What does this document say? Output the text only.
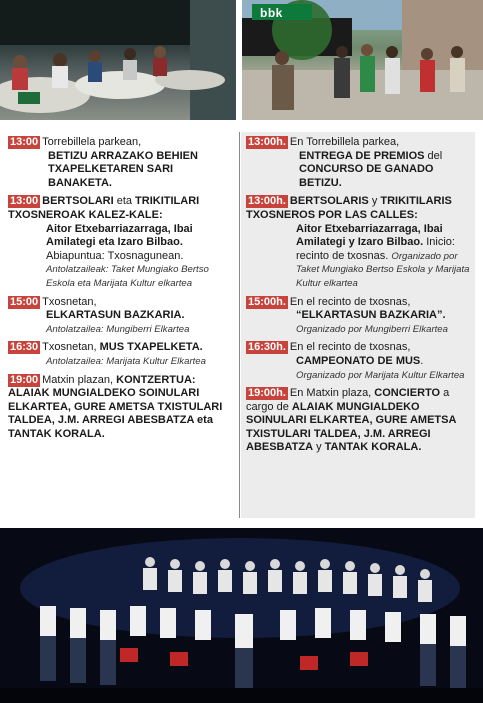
bbk
13:00 Torrebillela parkean,

BETIZU ARRAZAKO BEHIEN TXAPELKETAREN SARI BANAKETA.
13:00 BERTSOLARI eta TRIKITILARI TXOSNEROAK KALEZ-KALE:
Aitor Etxebarriazarraga, Ibai Amilategi eta Izaro Bilbao.
Abiapuntua: Txosnagunean.
Antolatzaileak: Taket Mungiako Bertso Eskola eta Marijata Kultur elkartea
15:00 Txosnetan,
ELKARTASUN BAZKARIA.
Antolatzailea: Mungiberri Elkartea
16:30 Txosnetan, MUS TXAPELKETA.
Antolatzailea: Marijata Kultur Elkartea
19:00 Matxin plazan, KONTZERTUA: ALAIAK MUNGIALDEKO SOINULARI ELKARTEA, GURE AMETSA TXISTULARI TALDEA, J.M. ARREGI ABESBATZA eta TANTAK KORALA.
13:00h. En Torrebillela parkea,

ENTREGA DE PREMIOS del CONCURSO DE GANADO BETIZU.
13:00h. BERTSOLARIS y TRIKITILARIS TXOSNEROS POR LAS CALLES:
Aitor Etxebarriazarraga, Ibai Amilategi y Izaro Bilbao. Inicio: recinto de txosnas. Organizado por Taket Mungiako Bertso Eskola y Marijata Kultur elkartea
15:00h. En el recinto de txosnas,
“ELKARTASUN BAZKARIA”.
Organizado por Mungiberri Elkartea
16:30h. En el recinto de txosnas,
CAMPEONATO DE MUS.
Organizado por Marijata Kultur Elkartea
19:00h. En Matxin plaza, CONCIERTO a cargo de ALAIAK MUNGIALDEKO SOINULARI ELKARTEA, GURE AMETSA TXISTULARI TALDEA, J.M. ARREGI ABESBATZA y TANTAK KORALA.
